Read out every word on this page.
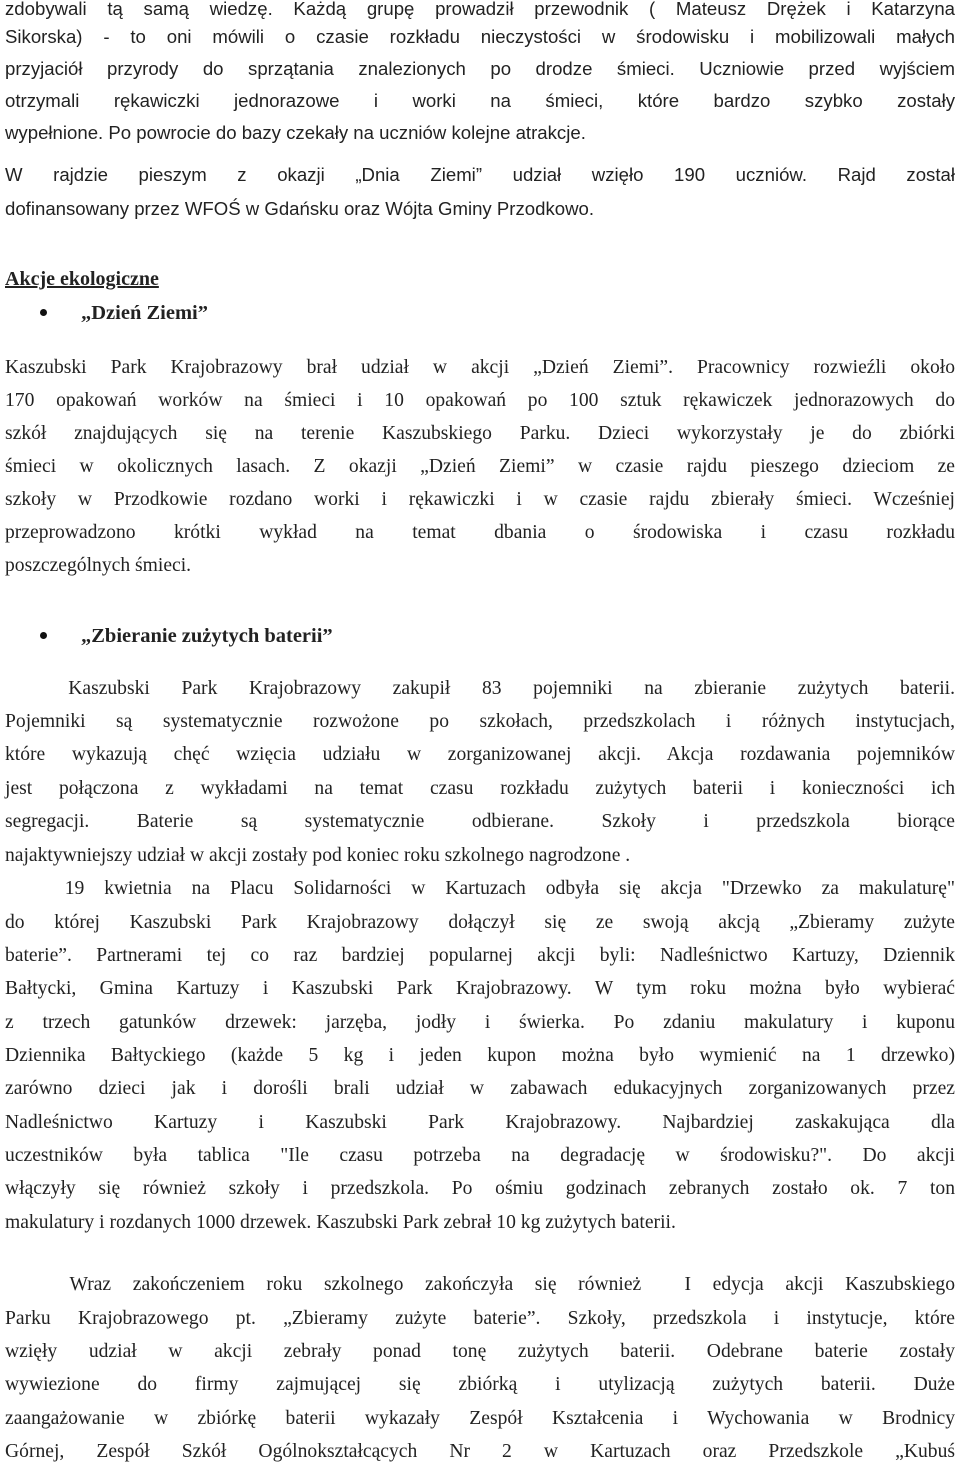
zdobywali tą samą wiedzę. Każdą grupę prowadził przewodnik ( Mateusz Drężek i Katarzyna
Sikorska) - to oni mówili o czasie rozkładu nieczystości w środowisku i mobilizowali małych
przyjaciół przyrody do sprzątania znalezionych po drodze śmieci. Uczniowie przed wyjściem
otrzymali rękawiczki jednorazowe i worki na śmieci, które bardzo szybko zostały
wypełnione. Po powrocie do bazy czekały na uczniów kolejne atrakcje.
W rajdzie pieszym z okazji „Dnia Ziemi” udział wzięło 190 uczniów. Rajd został
dofinansowany przez WFOŚ w Gdańsku oraz Wójta Gminy Przodkowo.
Akcje ekologiczne
„Dzień Ziemi”
Kaszubski Park Krajobrazowy brał udział w akcji „Dzień Ziemi”. Pracownicy rozwieźli około
170 opakowań worków na śmieci i 10 opakowań po 100 sztuk rękawiczek jednorazowych do
szkół znajdujących się na terenie Kaszubskiego Parku. Dzieci wykorzystały je do zbiórki
śmieci w okolicznych lasach. Z okazji „Dzień Ziemi” w czasie rajdu pieszego dzieciom ze
szkoły w Przodkowie rozdano worki i rękawiczki i w czasie rajdu zbierały śmieci. Wcześniej
przeprowadzono krótki wykład na temat dbania o środowiska i czasu rozkładu
poszczególnych śmieci.
„Zbieranie zużytych baterii”
Kaszubski Park Krajobrazowy zakupił 83 pojemniki na zbieranie zużytych baterii.
Pojemniki są systematycznie rozwożone po szkołach, przedszkolach i różnych instytucjach,
które wykazują chęć wzięcia udziału w zorganizowanej akcji. Akcja rozdawania pojemników
jest połączona z wykładami na temat czasu rozkładu zużytych baterii i konieczności ich
segregacji. Baterie są systematycznie odbierane. Szkoły i przedszkola biorące
najaktywniejszy udział w akcji zostały pod koniec roku szkolnego nagrodzone .
19 kwietnia na Placu Solidarności w Kartuzach odbyła się akcja "Drzewko za makulaturę"
do której Kaszubski Park Krajobrazowy dołączył się ze swoją akcją „Zbieramy zużyte
baterie”. Partnerami tej co raz bardziej popularnej akcji byli: Nadleśnictwo Kartuzy, Dziennik
Bałtycki, Gmina Kartuzy i Kaszubski Park Krajobrazowy. W tym roku można było wybierać
z trzech gatunków drzewek: jarzęba, jodły i świerka. Po zdaniu makulatury i kuponu
Dziennika Bałtyckiego (każde 5 kg i jeden kupon można było wymienić na 1 drzewko)
zarówno dzieci jak i dorośli brali udział w zabawach edukacyjnych zorganizowanych przez
Nadleśnictwo Kartuzy i Kaszubski Park Krajobrazowy. Najbardziej zaskakująca dla
uczestników była tablica "Ile czasu potrzeba na degradację w środowisku?". Do akcji
włączyły się również szkoły i przedszkola. Po ośmiu godzinach zebranych zostało ok. 7 ton
makulatury i rozdanych 1000 drzewek. Kaszubski Park zebrał 10 kg zużytych baterii.
Wraz zakończeniem roku szkolnego zakończyła się również  I edycja akcji Kaszubskiego
Parku Krajobrazowego pt. „Zbieramy zużyte baterie”. Szkoły, przedszkola i instytucje, które
wzięły udział w akcji zebrały ponad tonę zużytych baterii. Odebrane baterie zostały
wywiezione do firmy zajmującej się zbiórką i utylizacją zużytych baterii. Duże
zaangażowanie w zbiórkę baterii wykazały Zespół Kształcenia i Wychowania w Brodnicy
Górnej, Zespół Szkół Ogólnokształcących Nr 2 w Kartuzach oraz Przedszkole „Kubuś
